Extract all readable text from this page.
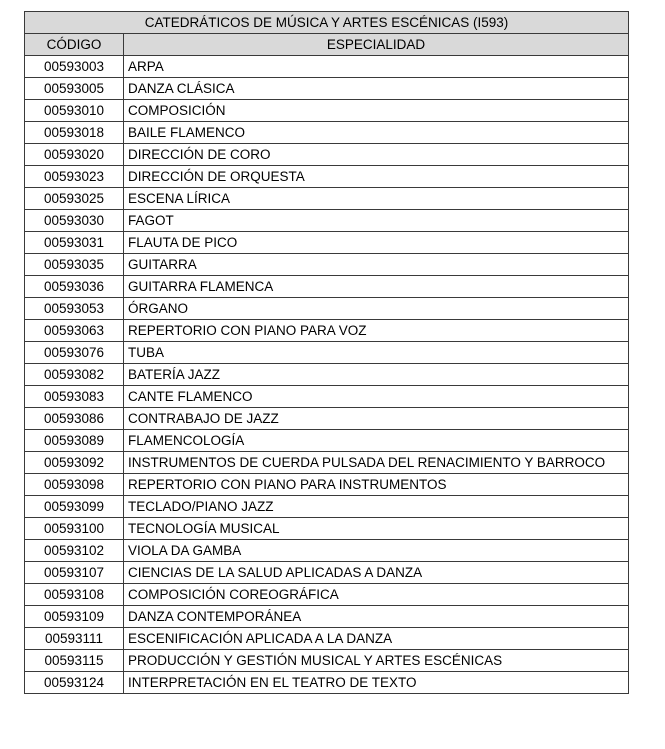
CATEDRÁTICOS DE MÚSICA Y ARTES ESCÉNICAS (I593)	
CÓDIGO	ESPECIALIDAD
00593003	ARPA
00593005	DANZA CLÁSICA
00593010	COMPOSICIÓN
00593018	BAILE FLAMENCO
00593020	DIRECCIÓN DE CORO
00593023	DIRECCIÓN DE ORQUESTA
00593025	ESCENA LÍRICA
00593030	FAGOT
00593031	FLAUTA DE PICO
00593035	GUITARRA
00593036	GUITARRA FLAMENCA
00593053	ÓRGANO
00593063	REPERTORIO CON PIANO PARA VOZ
00593076	TUBA
00593082	BATERÍA JAZZ
00593083	CANTE FLAMENCO
00593086	CONTRABAJO DE JAZZ
00593089	FLAMENCOLOGÍA
00593092	INSTRUMENTOS DE CUERDA PULSADA DEL RENACIMIENTO Y BARROCO
00593098	REPERTORIO CON PIANO PARA INSTRUMENTOS
00593099	TECLADO/PIANO JAZZ
00593100	TECNOLOGÍA MUSICAL
00593102	VIOLA DA GAMBA
00593107	CIENCIAS DE LA SALUD APLICADAS A DANZA
00593108	COMPOSICIÓN COREOGRÁFICA
00593109	DANZA CONTEMPORÁNEA
00593111	ESCENIFICACIÓN APLICADA A LA DANZA
00593115	PRODUCCIÓN Y GESTIÓN MUSICAL Y ARTES ESCÉNICAS
00593124	INTERPRETACIÓN EN EL TEATRO DE TEXTO
